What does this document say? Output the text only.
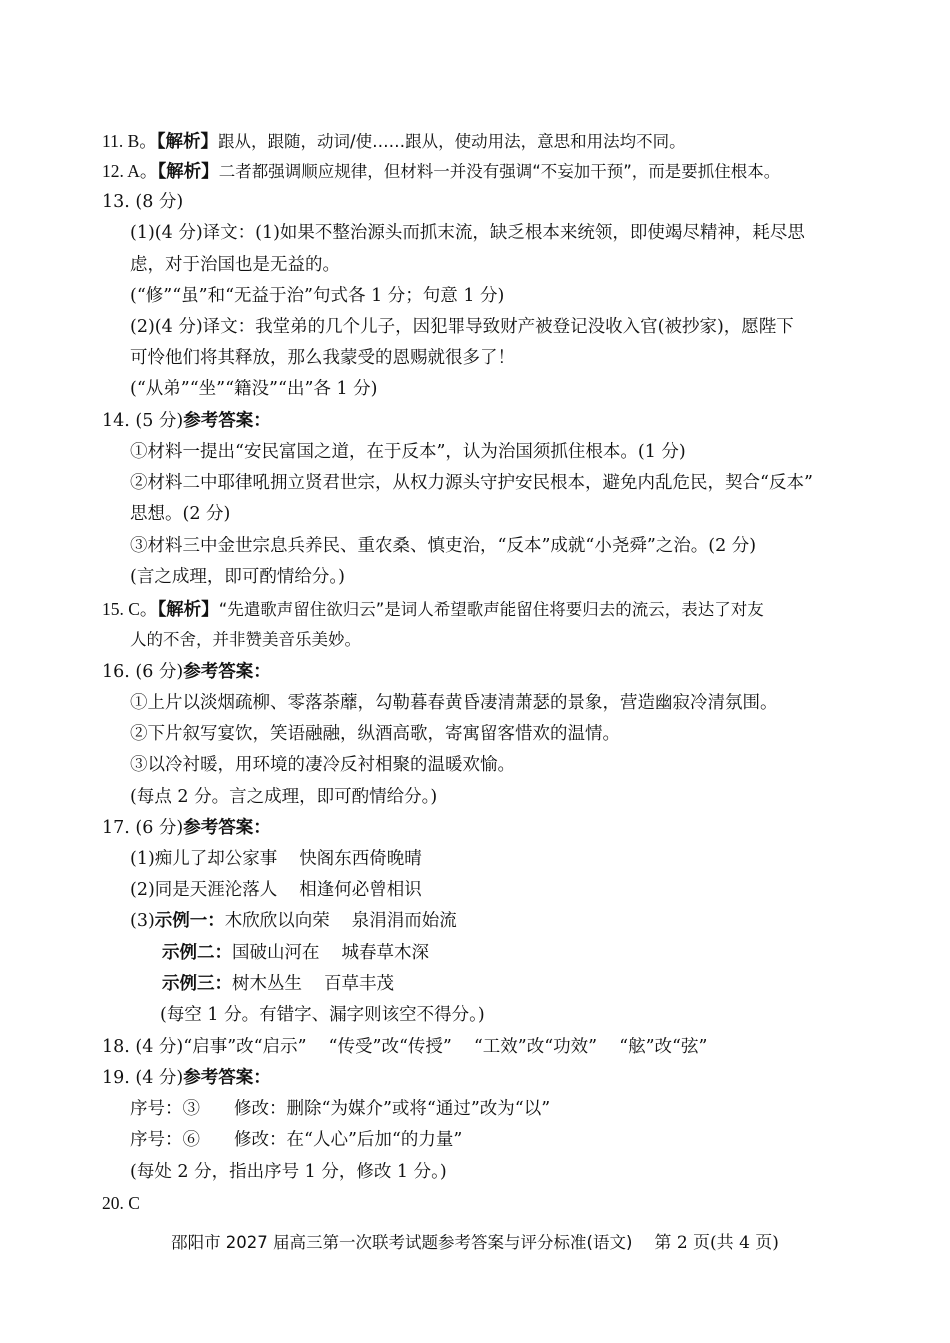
11. B。【解析】跟从，跟随，动词/使……跟从，使动用法，意思和用法均不同。
12. A。【解析】二者都强调顺应规律，但材料一并没有强调“不妄加干预”，而是要抓住根本。
13. (8 分)
(1)(4 分)译文：(1)如果不整治源头而抓末流，缺乏根本来统领，即使竭尽精神，耗尽思
虑，对于治国也是无益的。
(“修”“虽”和“无益于治”句式各 1 分；句意 1 分)
(2)(4 分)译文：我堂弟的几个儿子，因犯罪导致财产被登记没收入官(被抄家)，愿陛下
可怜他们将其释放，那么我蒙受的恩赐就很多了！
(“从弟”“坐”“籍没”“出”各 1 分)
14. (5 分)参考答案：
①材料一提出“安民富国之道，在于反本”，认为治国须抓住根本。(1 分)
②材料二中耶律吼拥立贤君世宗，从权力源头守护安民根本，避免内乱危民，契合“反本”
思想。(2 分)
③材料三中金世宗息兵养民、重农桑、慎吏治，“反本”成就“小尧舜”之治。(2 分)
(言之成理，即可酌情给分。)
15. C。【解析】“先遣歌声留住欲归云”是词人希望歌声能留住将要归去的流云，表达了对友
人的不舍，并非赞美音乐美妙。
16. (6 分)参考答案：
①上片以淡烟疏柳、零落荼蘼，勾勒暮春黄昏凄清萧瑟的景象，营造幽寂冷清氛围。
②下片叙写宴饮，笑语融融，纵酒高歌，寄寓留客惜欢的温情。
③以冷衬暖，用环境的凄冷反衬相聚的温暖欢愉。
(每点 2 分。言之成理，即可酌情给分。)
17. (6 分)参考答案：
(1)痴儿了却公家事 快阁东西倚晚晴
(2)同是天涯沦落人 相逢何必曾相识
(3)示例一：木欣欣以向荣 泉涓涓而始流
示例二：国破山河在 城春草木深
示例三：树木丛生 百草丰茂
(每空 1 分。有错字、漏字则该空不得分。)
18. (4 分)“启事”改“启示” “传受”改“传授” “工效”改“功效” “舷”改“弦”
19. (4 分)参考答案：
序号：③ 修改：删除“为媒介”或将“通过”改为“以”
序号：⑥ 修改：在“人心”后加“的力量”
(每处 2 分，指出序号 1 分，修改 1 分。)
20. C
邵阳市 2027 届高三第一次联考试题参考答案与评分标准(语文) 第 2 页(共 4 页)
